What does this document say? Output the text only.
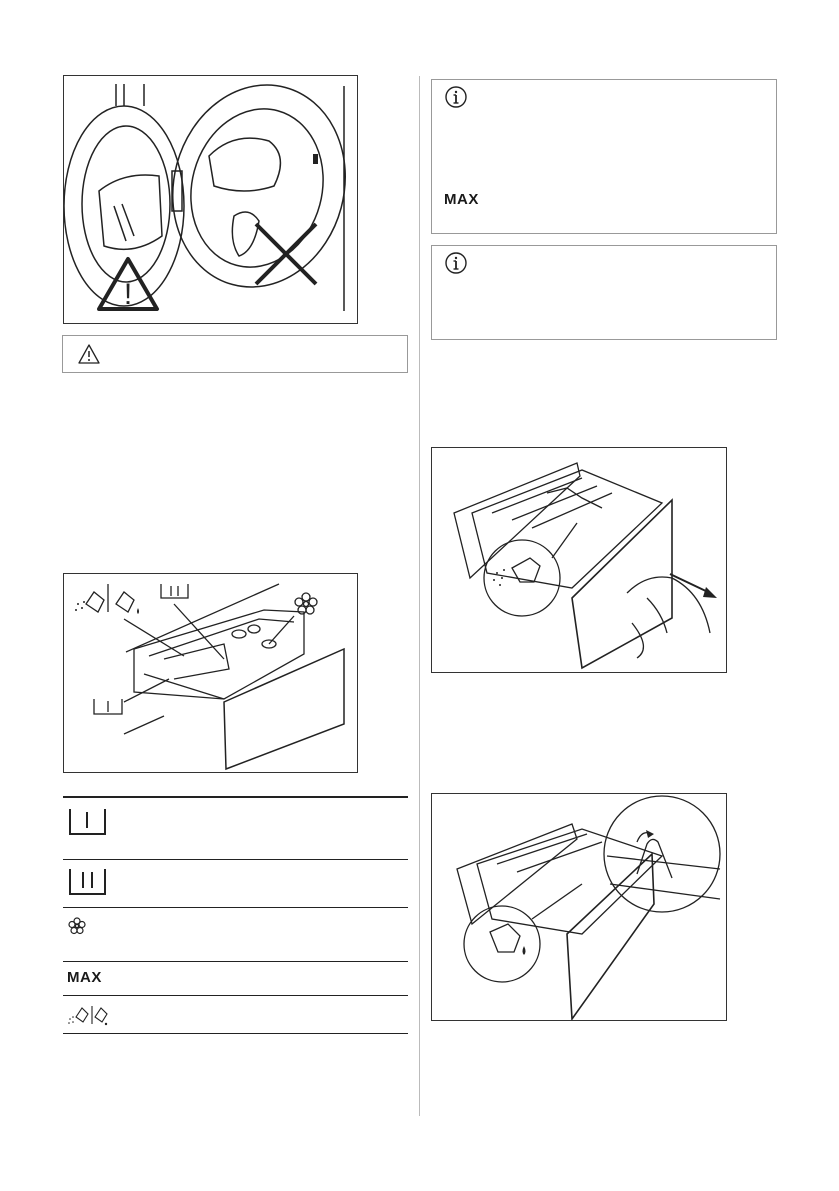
!
MAX
MAX
